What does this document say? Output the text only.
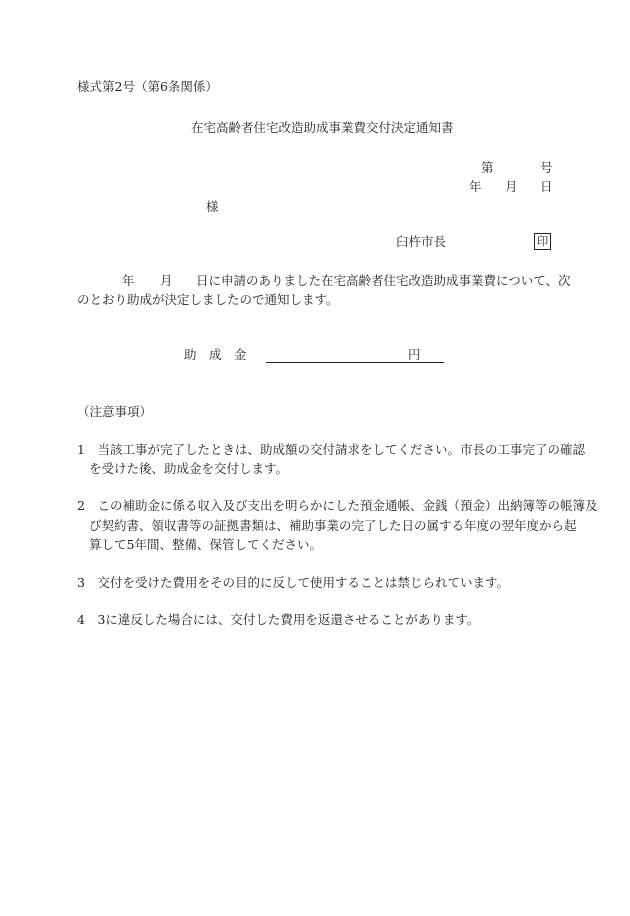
様式第2号（第6条関係）
在宅高齢者住宅改造助成事業費交付決定通知書
第	号
年 月 日
様
臼杵市長	印
年 月 日に申請のありました在宅高齢者住宅改造助成事業費について、次
のとおり助成が決定しましたので通知します。
助　成　金	円
（注意事項）
1　当該工事が完了したときは、助成額の交付請求をしてください。市長の工事完了の確認
を受けた後、助成金を交付します。
2　この補助金に係る収入及び支出を明らかにした預金通帳、金銭（預金）出納簿等の帳簿及
び契約書、領収書等の証拠書類は、補助事業の完了した日の属する年度の翌年度から起
算して5年間、整備、保管してください。
3　交付を受けた費用をその目的に反して使用することは禁じられています。
4　3に違反した場合には、交付した費用を返還させることがあります。
